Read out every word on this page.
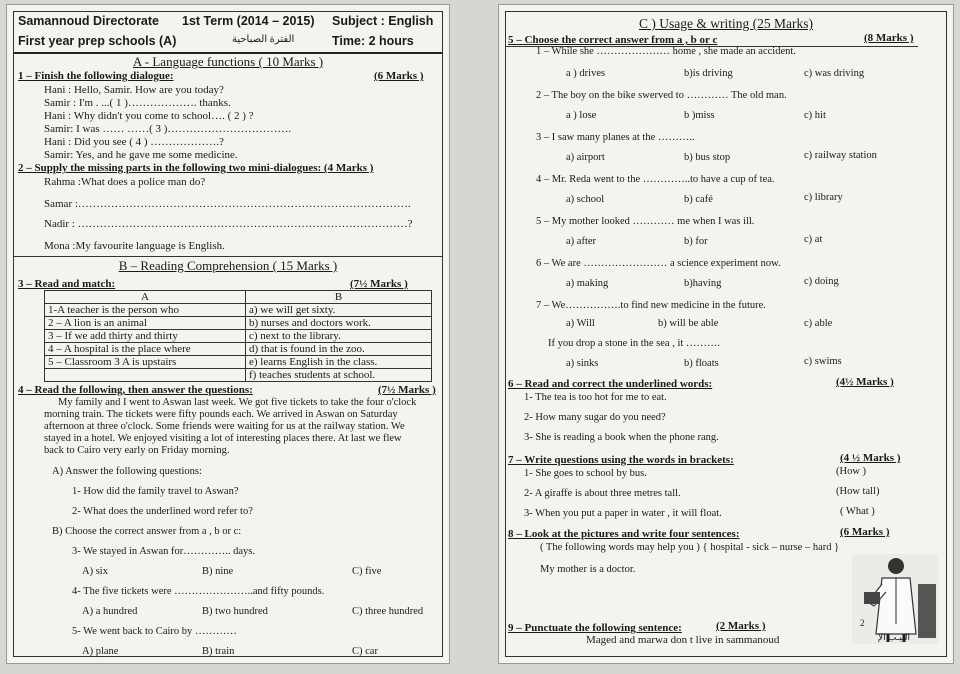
Samannoud Directorate 1st Term (2014 – 2015) Subject : English
First year prep schools (A)	الفترة الصباحية	Time: 2 hours
A - Language functions ( 10 Marks )
1 – Finish the following dialogue:	(6 Marks )
Hani : Hello, Samir. How are you today?
Samir : I'm . ...( 1 )………………. thanks.
Hani : Why didn't you come to school…. ( 2 ) ?
Samir: I was …… ……( 3 )…………………………….
Hani : Did you see ( 4 ) ……………….?
Samir: Yes, and he gave me some medicine.
2 – Supply the missing parts in the following two mini-dialogues: (4 Marks )
Rahma :What does a police man do?
Samar :……………………………………………………………………………….
Nadir : ………………………………………………………………………………?
Mona :My favourite language is English.
B – Reading Comprehension ( 15 Marks )
3 – Read and match:	(7½ Marks )
A	B
1-A teacher is the person who	a) we will get sixty.
2 – A lion is an animal	b) nurses and doctors work.
3 – If we add thirty and thirty	c) next to the library.
4 – A hospital is the place where	d) that is found in the zoo.
5 – Classroom 3 A is upstairs	e) learns English in the class.
	f) teaches students at school.
4 – Read the following, then answer the questions:	(7½ Marks )
My family and I went to Aswan last week. We got five tickets to take the four o'clock
morning train. The tickets were fifty pounds each. We arrived in Aswan on Saturday
afternoon at three o'clock. Some friends were waiting for us at the railway station. We
stayed in a hotel. We enjoyed visiting a lot of interesting places there. At last we flew
back to Cairo very early on Friday morning.
A) Answer the following questions:
1- How did the family travel to Aswan?
2- What does the underlined word refer to?
B) Choose the correct answer from a , b or c:
3- We stayed in Aswan for………….. days.
A) six	B) nine	C) five
4- The five tickets were …………………..and fifty pounds.
A) a hundred	B) two hundred	C) three hundred
5- We went back to Cairo by …………
A) plane	B) train	C) car
C ) Usage & writing (25 Marks)
5 – Choose the correct answer from a , b or c	(8 Marks )
1 – While she ………………… home , she made an accident.
a ) drives	b)is driving	c) was driving
2 – The boy on the bike swerved to ………… The old man.
a ) lose	b )miss	c) hit
3 – I saw many planes at the ………..
a) airport	b) bus stop	c) railway station
4 – Mr. Reda went to the …………..to have a cup of tea.
a) school	b) café	c) library
5 – My mother looked ………… me when I was ill.
a) after	b) for	c) at
6 – We are …………………… a science experiment now.
a) making	b)having	c) doing
7 – We…………….to find new medicine in the future.
a) Will	b) will be able	c) able
If you drop a stone in the sea , it ……….
a) sinks	b) floats	c) swims
6 – Read and correct the underlined words:	(4½ Marks )
1- The tea is too hot for me to eat.
2- How many sugar do you need?
3- She is reading a book when the phone rang.
7 – Write questions using the words in brackets:	(4 ½ Marks )
1- She goes to school by bus.	(How )
2- A giraffe is about three metres tall.	(How tall)
3- When you put a paper in water , it will float.	( What )
8 – Look at the pictures and write four sentences:	(6 Marks )
( The following words may help you ) { hospital - sick – nurse – hard }
My mother is a doctor.
9 – Punctuate the following sentence:	(2 Marks )
Maged and marwa don t live in sammanoud
2
التيـب الإ
